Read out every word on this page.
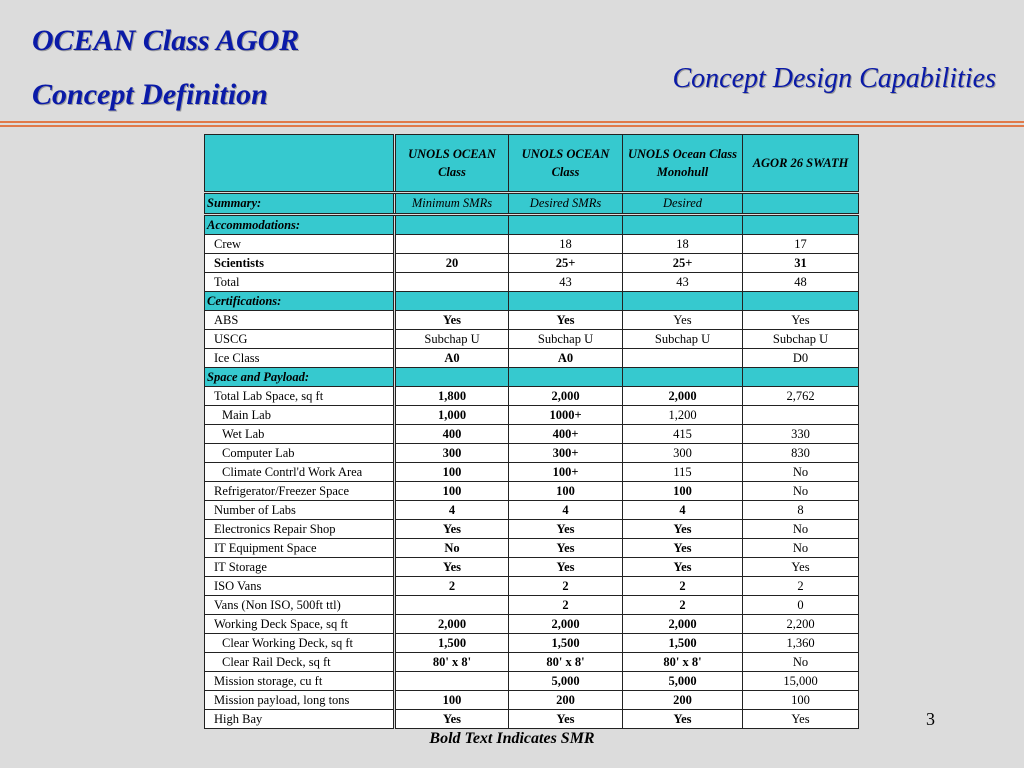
OCEAN Class AGOR
Concept Definition	Concept Design Capabilities
	UNOLS OCEAN Class	UNOLS OCEAN Class	UNOLS Ocean Class Monohull	AGOR 26 SWATH
Summary:	Minimum SMRs	Desired SMRs	Desired	
Accommodations:				
Crew		18	18	17
Scientists	20	25+	25+	31
Total		43	43	48
Certifications:				
ABS	Yes	Yes	Yes	Yes
USCG	Subchap U	Subchap U	Subchap U	Subchap U
Ice Class	A0	A0		D0
Space and Payload:				
Total Lab Space, sq ft	1,800	2,000	2,000	2,762
Main Lab	1,000	1000+	1,200	
Wet Lab	400	400+	415	330
Computer Lab	300	300+	300	830
Climate Contrl'd Work Area	100	100+	115	No
Refrigerator/Freezer Space	100	100	100	No
Number of Labs	4	4	4	8
Electronics Repair Shop	Yes	Yes	Yes	No
IT Equipment Space	No	Yes	Yes	No
IT Storage	Yes	Yes	Yes	Yes
ISO Vans	2	2	2	2
Vans (Non ISO, 500ft ttl)		2	2	0
Working Deck Space, sq ft	2,000	2,000	2,000	2,200
Clear Working Deck, sq ft	1,500	1,500	1,500	1,360
Clear Rail Deck, sq ft	80' x 8'	80' x 8'	80' x 8'	No
Mission storage, cu ft		5,000	5,000	15,000
Mission payload, long tons	100	200	200	100
High Bay	Yes	Yes	Yes	Yes	3
Bold Text Indicates SMR
